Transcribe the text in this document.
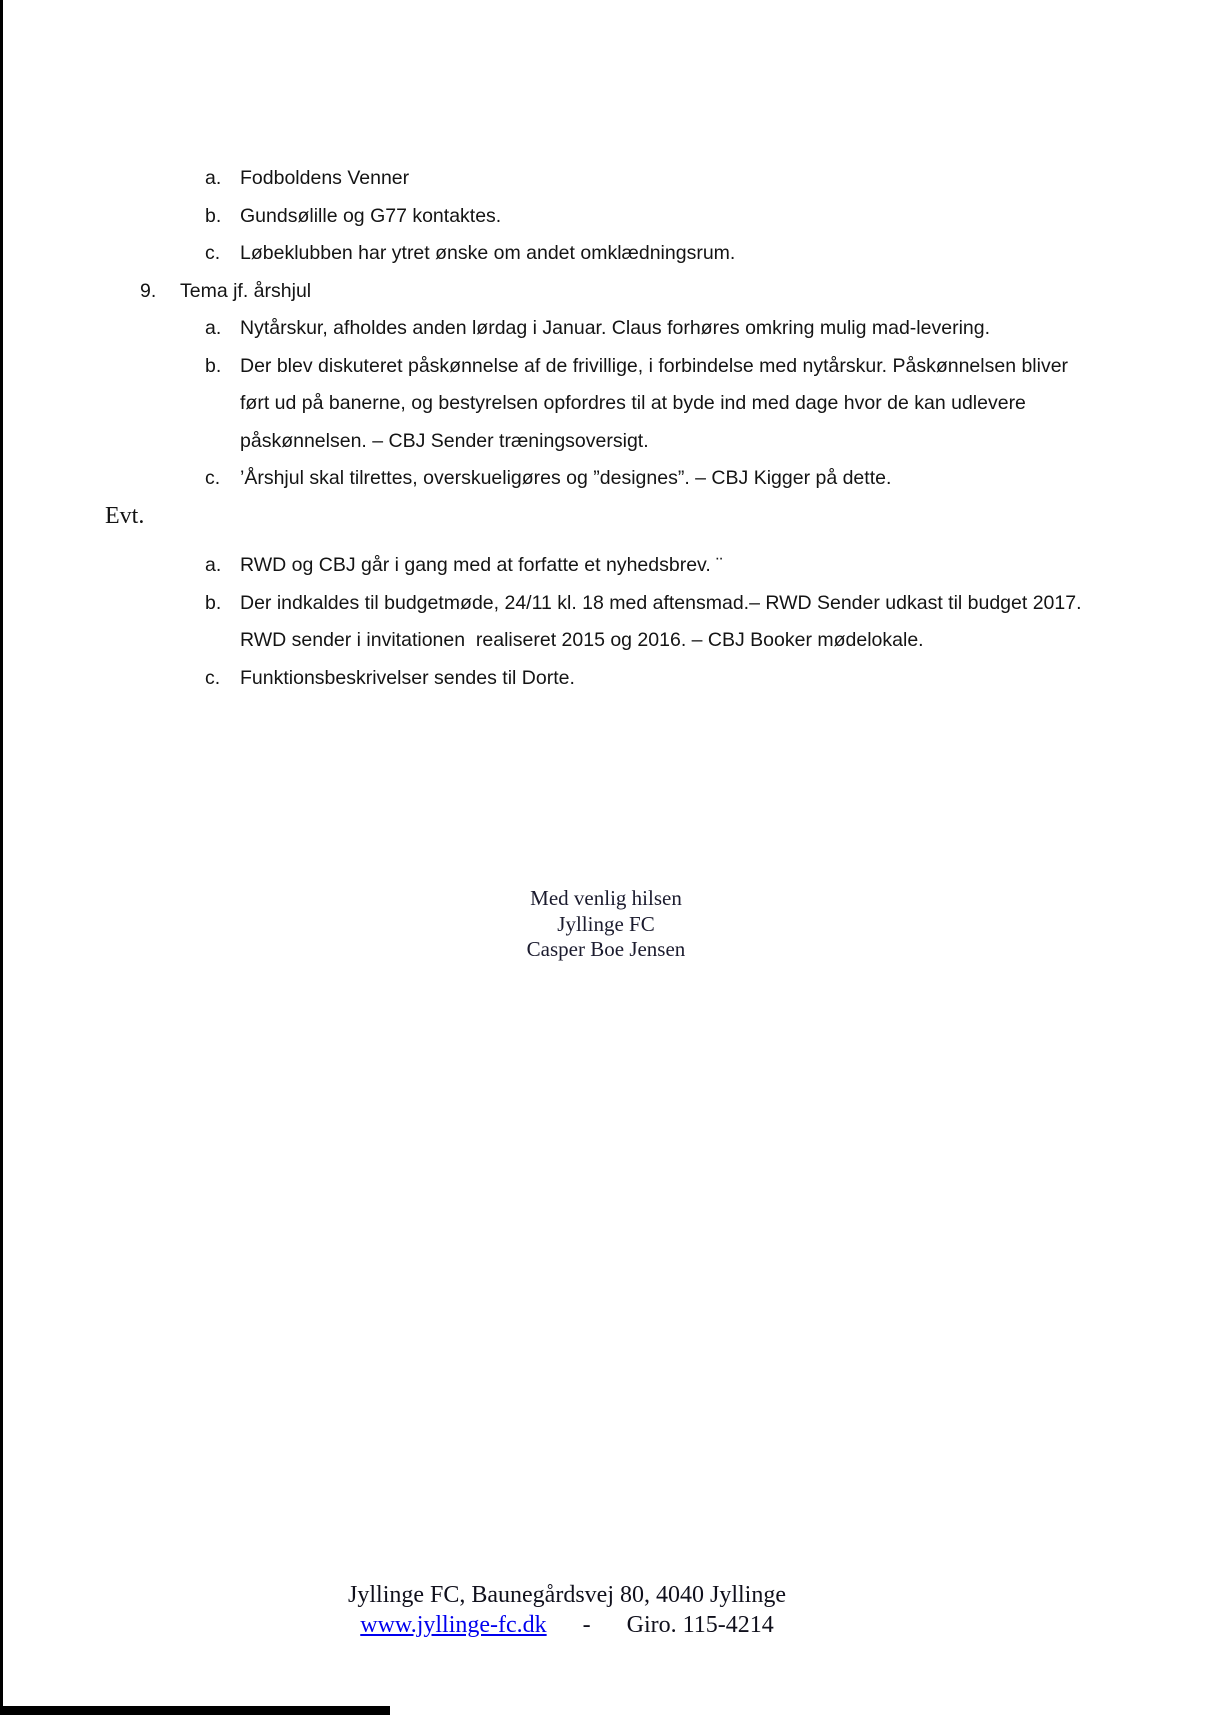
a. Fodboldens Venner
b. Gundsølille og G77 kontaktes.
c.	Løbeklubben har ytret ønske om andet omklædningsrum.
9.	Tema jf. årshjul
a. Nytårskur, afholdes anden lørdag i Januar. Claus forhøres omkring mulig mad-levering.
b. Der blev diskuteret påskønnelse af de frivillige, i forbindelse med nytårskur. Påskønnelsen bliver ført ud på banerne, og bestyrelsen opfordres til at byde ind med dage hvor de kan udlevere påskønnelsen. – CBJ Sender træningsoversigt.
c.	’Årshjul skal tilrettes, overskueligøres og ”designes”. – CBJ Kigger på dette.
Evt.
a. RWD og CBJ går i gang med at forfatte et nyhedsbrev. ¨
b. Der indkaldes til budgetmøde, 24/11 kl. 18 med aftensmad.– RWD Sender udkast til budget 2017. RWD sender i invitationen  realiseret 2015 og 2016. – CBJ Booker mødelokale.
c.	Funktionsbeskrivelser sendes til Dorte.
Med venlig hilsen
Jyllinge FC
Casper Boe Jensen
Jyllinge FC, Baunegårdsvej 80, 4040 Jyllinge
www.jyllinge-fc.dk - Giro. 115-4214
